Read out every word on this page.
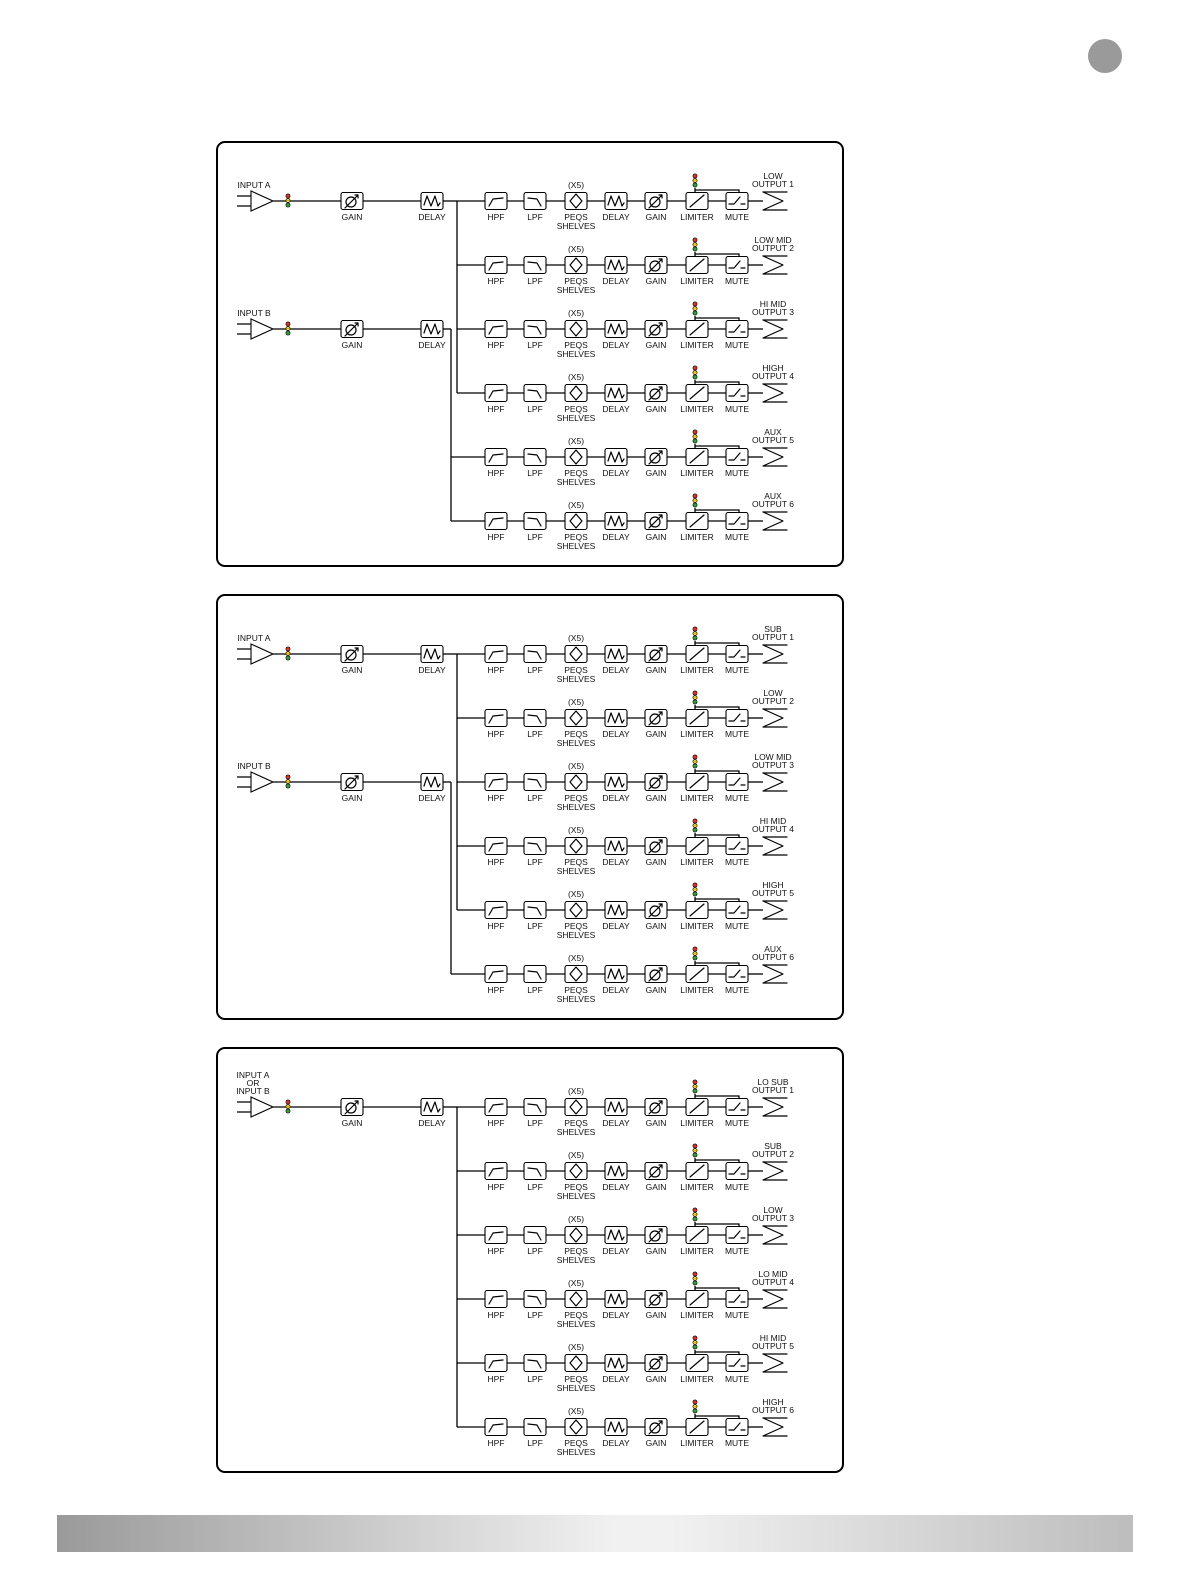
INPUT A
GAIN	DELAY
INPUT B
GAIN	DELAY
HPF	LPF
(X5)
PEQS
SHELVES
DELAY GAIN LIMITER MUTE
LOW
OUTPUT 1
HPF	LPF
(X5)
PEQS
SHELVES
DELAY GAIN LIMITER MUTE
LOW MID
OUTPUT 2
HPF	LPF
(X5)
PEQS
SHELVES
DELAY GAIN LIMITER MUTE
HI MID
OUTPUT 3
HPF	LPF
(X5)
PEQS
SHELVES
DELAY GAIN LIMITER MUTE
HIGH
OUTPUT 4
HPF	LPF
(X5)
PEQS
SHELVES
DELAY GAIN LIMITER MUTE
AUX
OUTPUT 5
HPF	LPF
(X5)
PEQS
SHELVES
DELAY GAIN LIMITER MUTE
AUX
OUTPUT 6
INPUT A
GAIN	DELAY
INPUT B
GAIN	DELAY
HPF	LPF
(X5)
PEQS
SHELVES
DELAY GAIN LIMITER MUTE
SUB
OUTPUT 1
HPF	LPF
(X5)
PEQS
SHELVES
DELAY GAIN LIMITER MUTE
LOW
OUTPUT 2
HPF	LPF
(X5)
PEQS
SHELVES
DELAY GAIN LIMITER MUTE
LOW MID
OUTPUT 3
HPF	LPF
(X5)
PEQS
SHELVES
DELAY GAIN LIMITER MUTE
HI MID
OUTPUT 4
HPF	LPF
(X5)
PEQS
SHELVES
DELAY GAIN LIMITER MUTE
HIGH
OUTPUT 5
HPF	LPF
(X5)
PEQS
SHELVES
DELAY GAIN LIMITER MUTE
AUX
OUTPUT 6
INPUT A
OR
INPUT B
GAIN	DELAY	HPF	LPF
(X5)
PEQS
SHELVES
DELAY GAIN LIMITER MUTE
LO SUB
OUTPUT 1
HPF	LPF
(X5)
PEQS
SHELVES
DELAY GAIN LIMITER MUTE
SUB
OUTPUT 2
HPF	LPF
(X5)
PEQS
SHELVES
DELAY GAIN LIMITER MUTE
LOW
OUTPUT 3
HPF	LPF
(X5)
PEQS
SHELVES
DELAY GAIN LIMITER MUTE
LO MID
OUTPUT 4
HPF	LPF
(X5)
PEQS
SHELVES
DELAY GAIN LIMITER MUTE
HI MID
OUTPUT 5
HPF	LPF
(X5)
PEQS
SHELVES
DELAY GAIN LIMITER MUTE
HIGH
OUTPUT 6
